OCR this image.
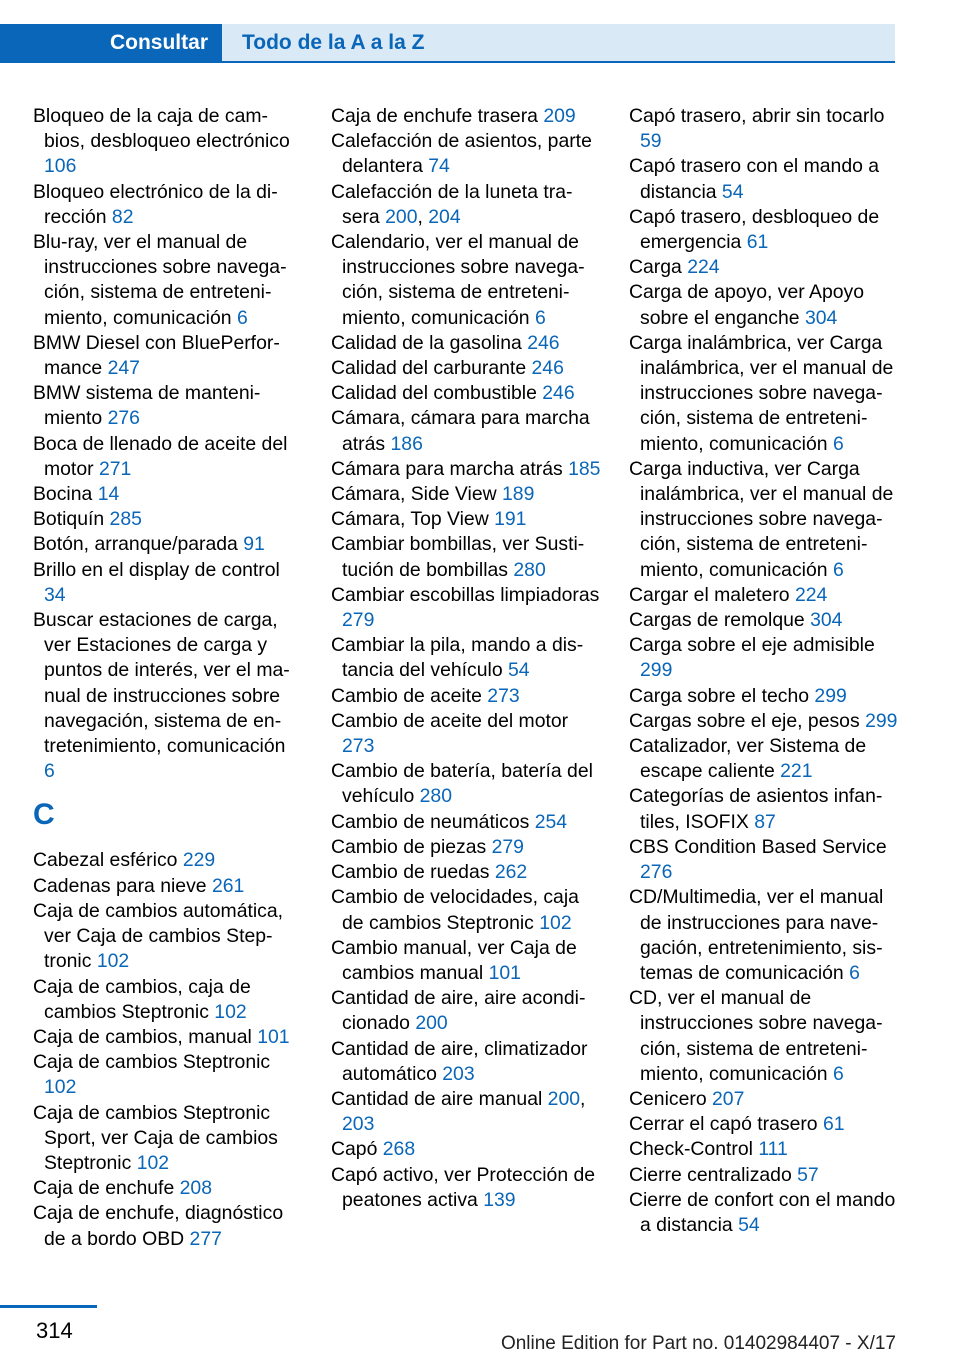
Consultar Todo de la A a la Z

Bloqueo de la caja de cambios, desbloqueo electrónico 106

Bloqueo electrónico de la dirección 82

Blu-ray, ver el manual de instrucciones sobre navegación, sistema de entretenimiento, comunicación 6

BMW Diesel con BluePerformance 247

BMW sistema de mantenimiento 276

Boca de llenado de aceite del motor 271

Bocina 14

Botiquín 285

Botón, arranque/parada 91

Brillo en el display de control 34

Buscar estaciones de carga, ver Estaciones de carga y puntos de interés, ver el manual de instrucciones sobre navegación, sistema de entretenimiento, comunicación 6

C

Cabezal esférico 229

Cadenas para nieve 261

Caja de cambios automática, ver Caja de cambios Steptronic 102

Caja de cambios, caja de cambios Steptronic 102

Caja de cambios, manual 101

Caja de cambios Steptronic 102

Caja de cambios Steptronic Sport, ver Caja de cambios Steptronic 102

Caja de enchufe 208

Caja de enchufe, diagnóstico de a bordo OBD 277

Caja de enchufe trasera 209

Calefacción de asientos, parte delantera 74

Calefacción de la luneta trasera 200, 204

Calendario, ver el manual de instrucciones sobre navegación, sistema de entretenimiento, comunicación 6

Calidad de la gasolina 246

Calidad del carburante 246

Calidad del combustible 246

Cámara, cámara para marcha atrás 186

Cámara para marcha atrás 185

Cámara, Side View 189

Cámara, Top View 191

Cambiar bombillas, ver Sustitución de bombillas 280

Cambiar escobillas limpiadoras 279

Cambiar la pila, mando a distancia del vehículo 54

Cambio de aceite 273

Cambio de aceite del motor 273

Cambio de batería, batería del vehículo 280

Cambio de neumáticos 254

Cambio de piezas 279

Cambio de ruedas 262

Cambio de velocidades, caja de cambios Steptronic 102

Cambio manual, ver Caja de cambios manual 101

Cantidad de aire, aire acondicionado 200

Cantidad de aire, climatizador automático 203

Cantidad de aire manual 200, 203

Capó 268

Capó activo, ver Protección de peatones activa 139

Capó trasero, abrir sin tocarlo 59

Capó trasero con el mando a distancia 54

Capó trasero, desbloqueo de emergencia 61

Carga 224

Carga de apoyo, ver Apoyo sobre el enganche 304

Carga inalámbrica, ver Carga inalámbrica, ver el manual de instrucciones sobre navegación, sistema de entretenimiento, comunicación 6

Carga inductiva, ver Carga inalámbrica, ver el manual de instrucciones sobre navegación, sistema de entretenimiento, comunicación 6

Cargar el maletero 224

Cargas de remolque 304

Carga sobre el eje admisible 299

Carga sobre el techo 299

Cargas sobre el eje, pesos 299

Catalizador, ver Sistema de escape caliente 221

Categorías de asientos infantiles, ISOFIX 87

CBS Condition Based Service 276

CD/Multimedia, ver el manual de instrucciones para navegación, entretenimiento, sistemas de comunicación 6

CD, ver el manual de instrucciones sobre navegación, sistema de entretenimiento, comunicación 6

Cenicero 207

Cerrar el capó trasero 61

Check-Control 111

Cierre centralizado 57

Cierre de confort con el mando a distancia 54

314
Online Edition for Part no. 01402984407 - X/17
